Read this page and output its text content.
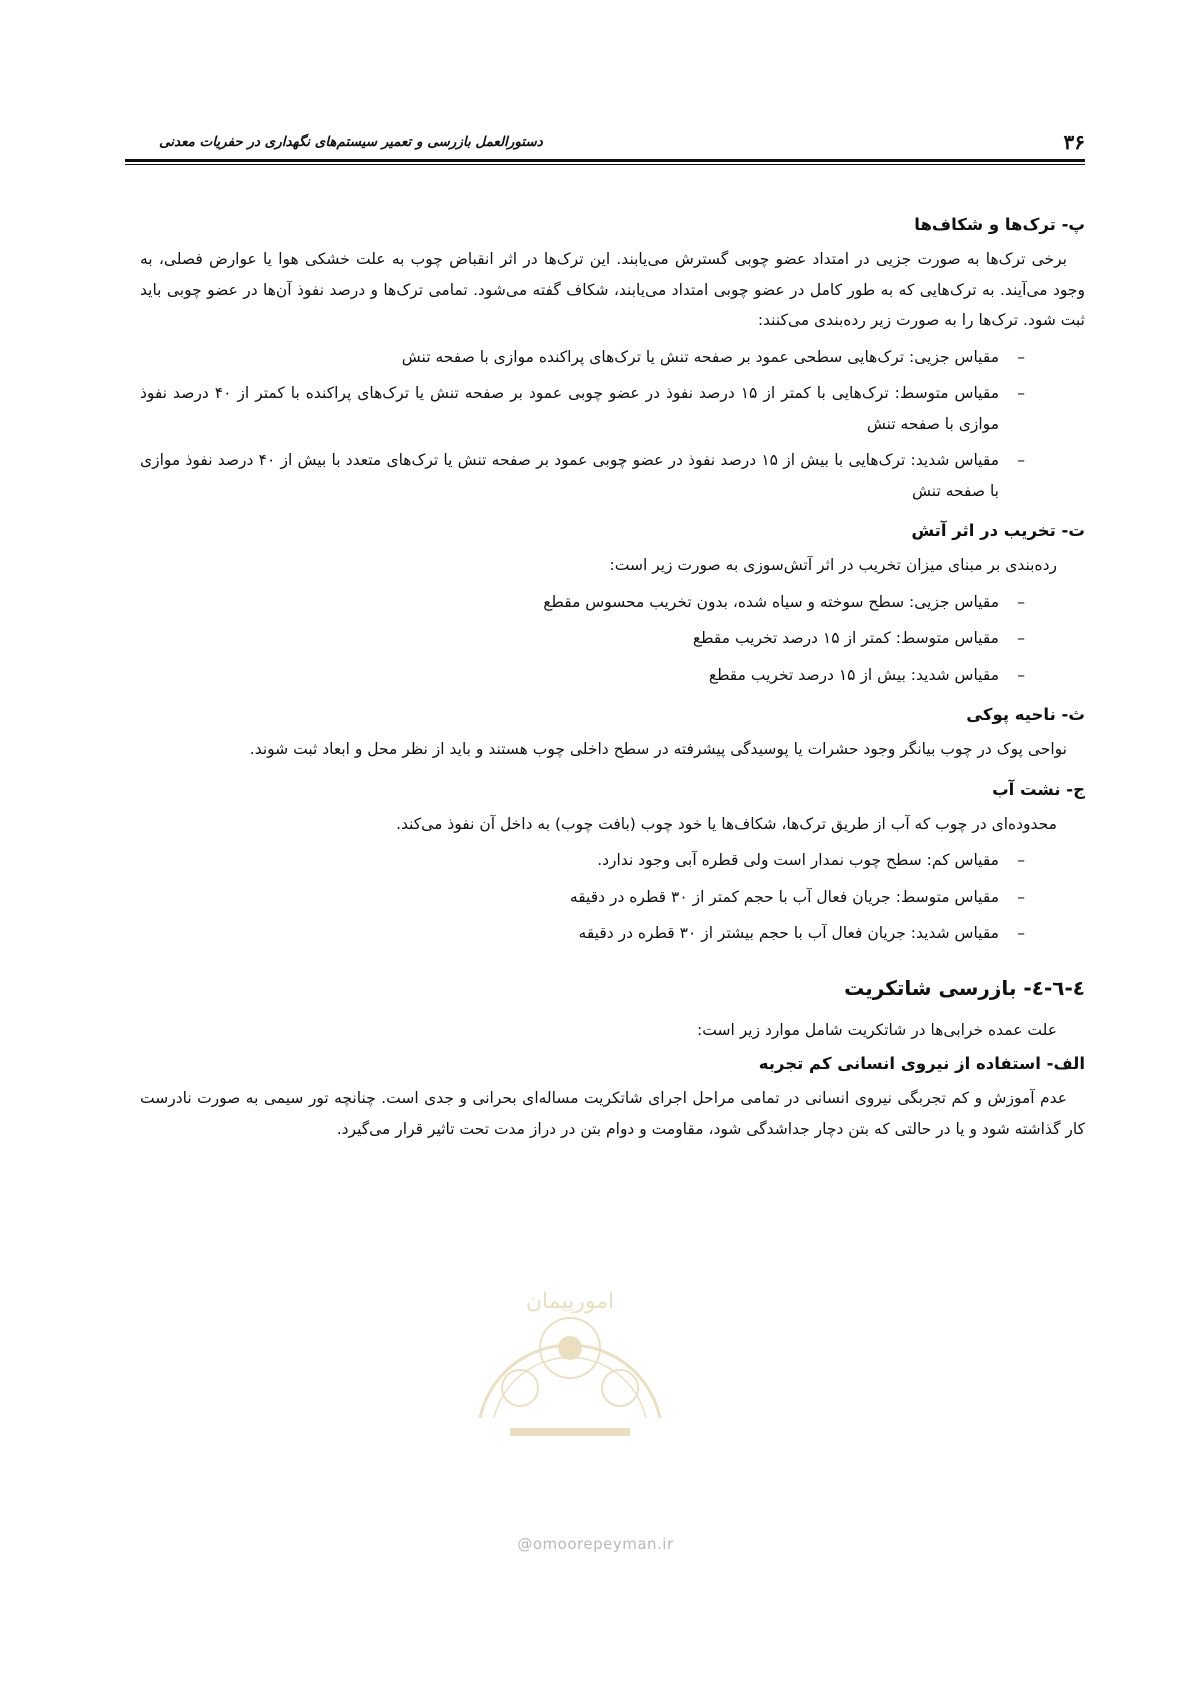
۳۶
دستورالعمل بازرسی و تعمیر سیستم‌های نگهداری در حفریات معدنی
پ- ترک‌ها و شکاف‌ها

برخی ترک‌ها به صورت جزیی در امتداد عضو چوبی گسترش می‌یابند. این ترک‌ها در اثر انقباض چوب به علت خشکی هوا یا عوارض فصلی، به وجود می‌آیند. به ترک‌هایی که به طور کامل در عضو چوبی امتداد می‌یابند، شکاف گفته می‌شود. تمامی ترک‌ها و درصد نفوذ آن‌ها در عضو چوبی باید ثبت شود. ترک‌ها را به صورت زیر رده‌بندی می‌کنند:

– مقیاس جزیی: ترک‌هایی سطحی عمود بر صفحه تنش یا ترک‌های پراکنده موازی با صفحه تنش
– مقیاس متوسط: ترک‌هایی با کمتر از ۱۵ درصد نفوذ در عضو چوبی عمود بر صفحه تنش یا ترک‌های پراکنده با کمتر از ۴۰ درصد نفوذ موازی با صفحه تنش
– مقیاس شدید: ترک‌هایی با بیش از ۱۵ درصد نفوذ در عضو چوبی عمود بر صفحه تنش یا ترک‌های متعدد با بیش از ۴۰ درصد نفوذ موازی با صفحه تنش
ت- تخریب در اثر آتش

رده‌بندی بر مبنای میزان تخریب در اثر آتش‌سوزی به صورت زیر است:

– مقیاس جزیی: سطح سوخته و سیاه شده، بدون تخریب محسوس مقطع
– مقیاس متوسط: کمتر از ۱۵ درصد تخریب مقطع
– مقیاس شدید: بیش از ۱۵ درصد تخریب مقطع
ث- ناحیه پوکی

نواحی پوک در چوب بیانگر وجود حشرات یا پوسیدگی پیشرفته در سطح داخلی چوب هستند و باید از نظر محل و ابعاد ثبت شوند.

ج- نشت آب

محدوده‌ای در چوب که آب از طریق ترک‌ها، شکاف‌ها یا خود چوب (بافت چوب) به داخل آن نفوذ می‌کند.

– مقیاس کم: سطح چوب نمدار است ولی قطره آبی وجود ندارد.
– مقیاس متوسط: جریان فعال آب با حجم کمتر از ۳۰ قطره در دقیقه
– مقیاس شدید: جریان فعال آب با حجم بیشتر از ۳۰ قطره در دقیقه
٤-٦-٤- بازرسی شاتکریت

علت عمده خرابی‌ها در شاتکریت شامل موارد زیر است:

الف- استفاده از نیروی انسانی کم تجربه

عدم آموزش و کم تجربگی نیروی انسانی در تمامی مراحل اجرای شاتکریت مساله‌ای بحرانی و جدی است. چنانچه تور سیمی به صورت نادرست کار گذاشته شود و یا در حالتی که بتن دچار جداشدگی شود، مقاومت و دوام بتن در دراز مدت تحت تاثیر قرار می‌گیرد.

امورپیمان
@omoorepeyman.ir
